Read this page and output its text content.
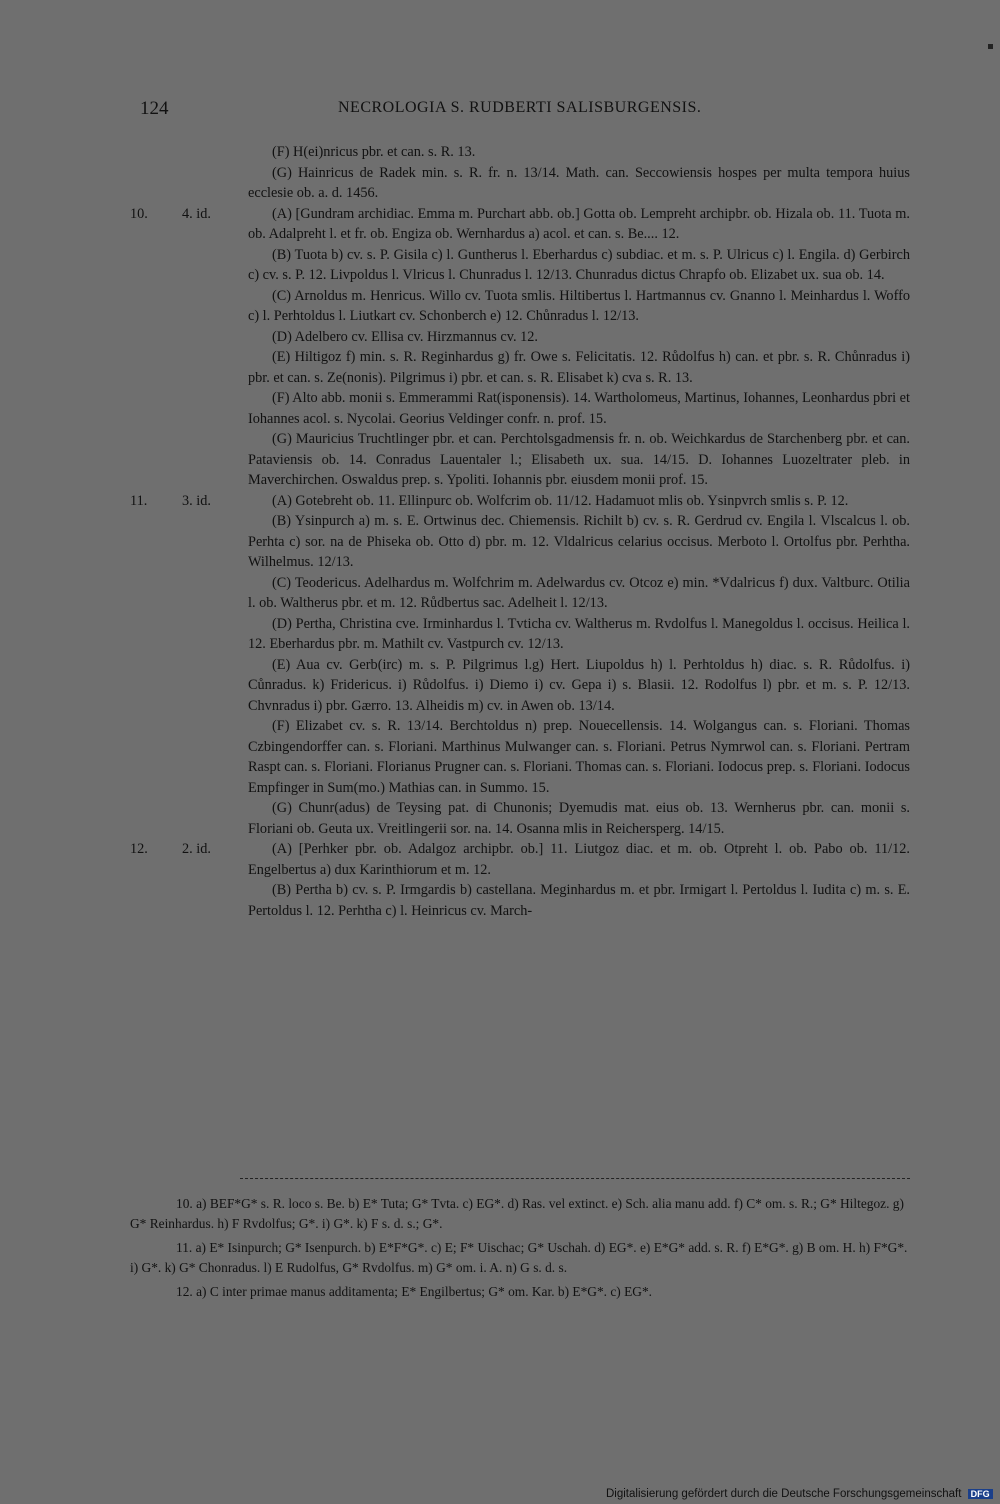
124	NECROLOGIA S. RUDBERTI SALISBURGENSIS.
(F) H(ei)nricus pbr. et can. s. R. 13.
(G) Hainricus de Radek min. s. R. fr. n. 13/14. Math. can. Seccowiensis hospes per multa tempora huius ecclesie ob. a. d. 1456.
10. 4. id.	(A) [Gundram archidiac. Emma m. Purchart abb. ob.] Gotta ob. Lempreht archipbr. ob. Hizala ob. 11. Tuota m. ob. Adalpreht l. et fr. ob. Engiza ob. Wernhardus a) acol. et can. s. Be.... 12.
(B) Tuota b) cv. s. P. Gisila c) l. Guntherus l. Eberhardus c) subdiac. et m. s. P. Ulricus c) l. Engila. d) Gerbirch c) cv. s. P. 12. Livpoldus l. Vlricus l. Chunradus l. 12/13. Chunradus dictus Chrapfo ob. Elizabet ux. sua ob. 14.
(C) Arnoldus m. Henricus. Willo cv. Tuota smlis. Hiltibertus l. Hartmannus cv. Gnanno l. Meinhardus l. Woffo c) l. Perhtoldus l. Liutkart cv. Schonberch e) 12. Chůnradus l. 12/13.
(D) Adelbero cv. Ellisa cv. Hirzmannus cv. 12.
(E) Hiltigoz f) min. s. R. Reginhardus g) fr. Owe s. Felicitatis. 12. Růdolfus h) can. et pbr. s. R. Chůnradus i) pbr. et can. s. Ze(nonis). Pilgrimus i) pbr. et can. s. R. Elisabet k) cva s. R. 13.
(F) Alto abb. monii s. Emmerammi Rat(isponensis). 14. Wartholomeus, Martinus, Iohannes, Leonhardus pbri et Iohannes acol. s. Nycolai. Georius Veldinger confr. n. prof. 15.
(G) Mauricius Truchtlinger pbr. et can. Perchtolsgadmensis fr. n. ob. Weichkardus de Starchenberg pbr. et can. Pataviensis ob. 14. Conradus Lauentaler l.; Elisabeth ux. sua. 14/15. D. Iohannes Luozeltrater pleb. in Maverchirchen. Oswaldus prep. s. Ypoliti. Iohannis pbr. eiusdem monii prof. 15.
11. 3. id.	(A) Gotebreht ob. 11. Ellinpurc ob. Wolfcrim ob. 11/12. Hadamuot mlis ob. Ysinpvrch smlis s. P. 12.
(B) Ysinpurch a) m. s. E. Ortwinus dec. Chiemensis. Richilt b) cv. s. R. Gerdrud cv. Engila l. Vlscalcus l. ob. Perhta c) sor. na de Phiseka ob. Otto d) pbr. m. 12. Vldalricus celarius occisus. Merboto l. Ortolfus pbr. Perhtha. Wilhelmus. 12/13.
(C) Teodericus. Adelhardus m. Wolfchrim m. Adelwardus cv. Otcoz e) min. *Vdalricus f) dux. Valtburc. Otilia l. ob. Waltherus pbr. et m. 12. Růdbertus sac. Adelheit l. 12/13.
(D) Pertha, Christina cve. Irminhardus l. Tvticha cv. Waltherus m. Rvdolfus l. Manegoldus l. occisus. Heilica l. 12. Eberhardus pbr. m. Mathilt cv. Vastpurch cv. 12/13.
(E) Aua cv. Gerb(irc) m. s. P. Pilgrimus l.g) Hert. Liupoldus h) l. Perhtoldus h) diac. s. R. Růdolfus. i) Cůnradus. k) Fridericus. i) Růdolfus. i) Diemo i) cv. Gepa i) s. Blasii. 12. Rodolfus l) pbr. et m. s. P. 12/13. Chvnradus i) pbr. Gærro. 13. Alheidis m) cv. in Awen ob. 13/14.
(F) Elizabet cv. s. R. 13/14. Berchtoldus n) prep. Nouecellensis. 14. Wolgangus can. s. Floriani. Thomas Czbingendorffer can. s. Floriani. Marthinus Mulwanger can. s. Floriani. Petrus Nymrwol can. s. Floriani. Pertram Raspt can. s. Floriani. Florianus Prugner can. s. Floriani. Thomas can. s. Floriani. Iodocus prep. s. Floriani. Iodocus Empfinger in Sum(mo.) Mathias can. in Summo. 15.
(G) Chunr(adus) de Teysing pat. di Chunonis; Dyemudis mat. eius ob. 13. Wernherus pbr. can. monii s. Floriani ob. Geuta ux. Vreitlingerii sor. na. 14. Osanna mlis in Reichersperg. 14/15.
12. 2. id.	(A) [Perhker pbr. ob. Adalgoz archipbr. ob.] 11. Liutgoz diac. et m. ob. Otpreht l. ob. Pabo ob. 11/12. Engelbertus a) dux Karinthiorum et m. 12.
(B) Pertha b) cv. s. P. Irmgardis b) castellana. Meginhardus m. et pbr. Irmigart l. Pertoldus l. Iudita c) m. s. E. Pertoldus l. 12. Perhtha c) l. Heinricus cv. March-
10. a) BEF*G* s. R. loco s. Be. b) E* Tuta; G* Tvta. c) EG*. d) Ras. vel extinct. e) Sch. alia manu add. f) C* om. s. R.; G* Hiltegoz. g) G* Reinhardus. h) F Rvdolfus; G*. i) G*. k) F s. d. s.; G*.
11. a) E* Isinpurch; G* Isenpurch. b) E*F*G*. c) E; F* Uischac; G* Uschah. d) EG*. e) E*G* add. s. R. f) E*G*. g) B om. H. h) F*G*. i) G*. k) G* Chonradus. l) E Rudolfus, G* Rvdolfus. m) G* om. i. A. n) G s. d. s.
12. a) C inter primae manus additamenta; E* Engilbertus; G* om. Kar. b) E*G*. c) EG*.
Digitalisierung gefördert durch die Deutsche Forschungsgemeinschaft DFG
